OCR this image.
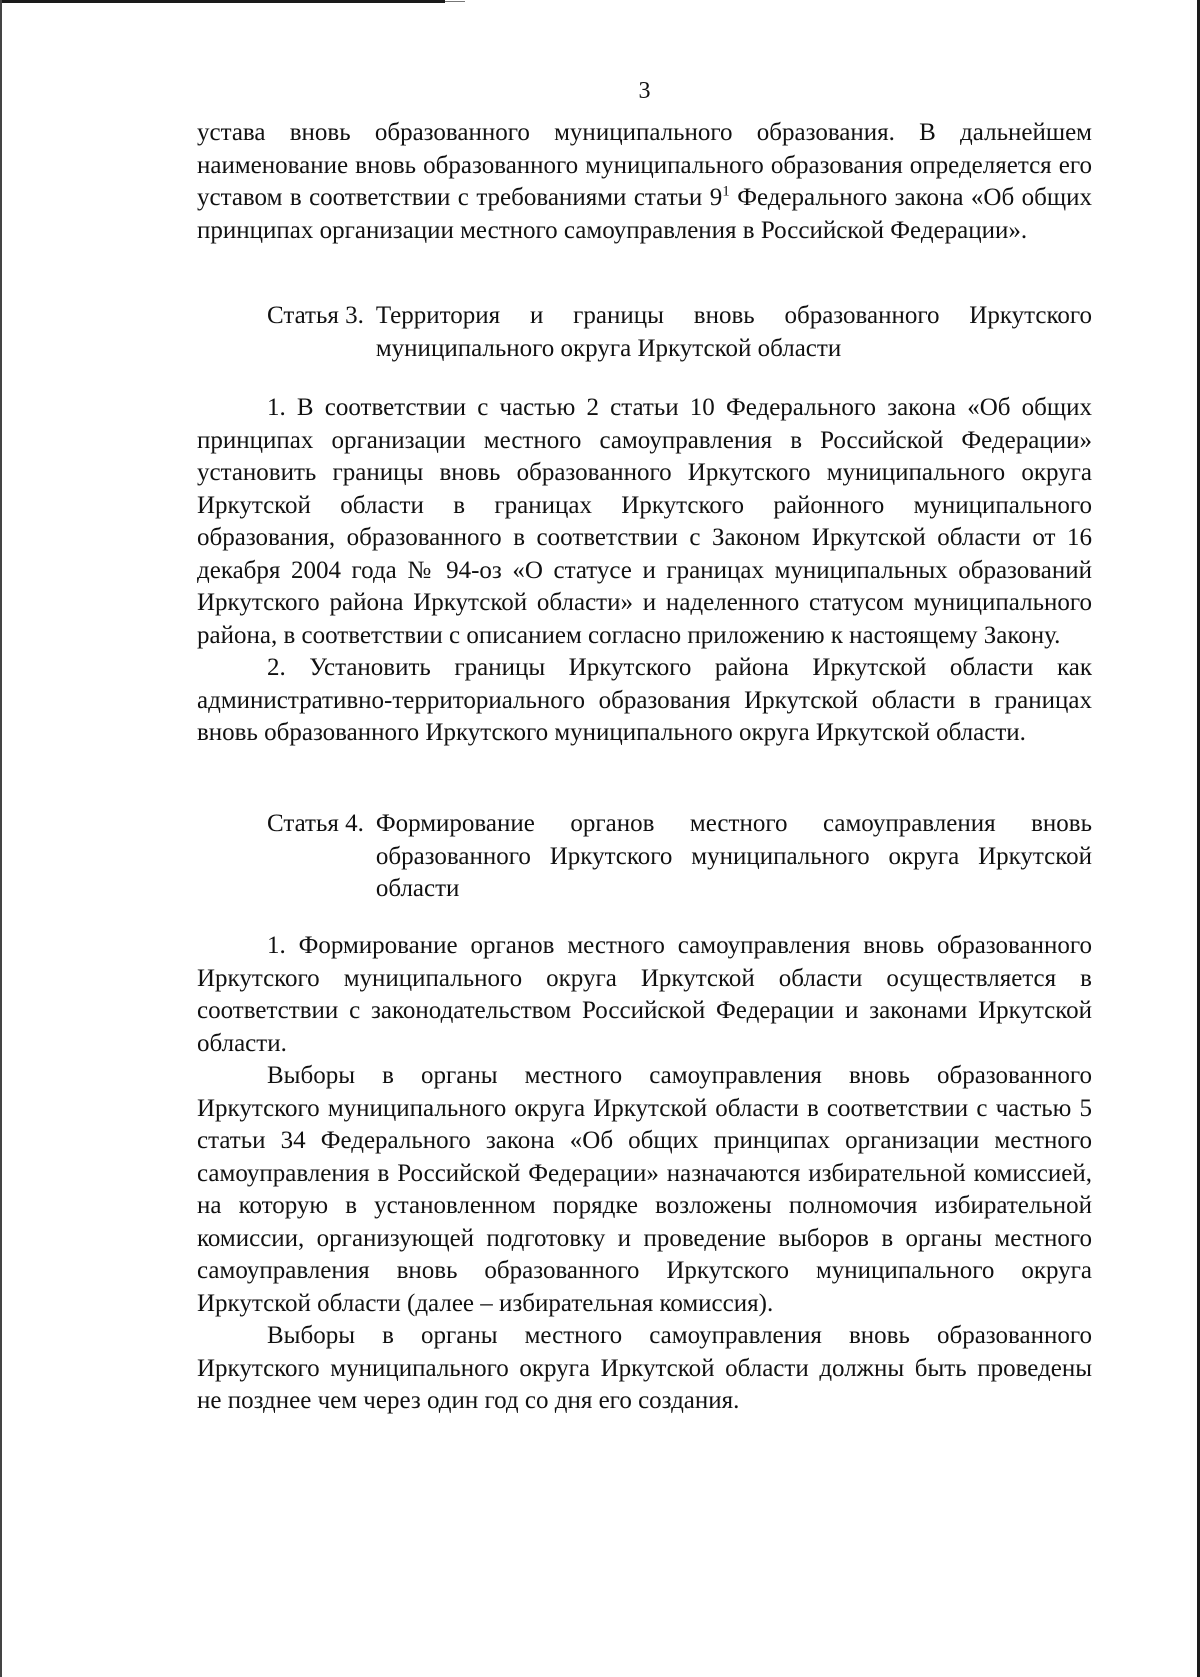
3

устава вновь образованного муниципального образования. В дальнейшем наименование вновь образованного муниципального образования определяется его уставом в соответствии с требованиями статьи $9^1$ Федерального закона «Об общих принципах организации местного самоуправления в Российской Федерации».

Статья 3. Территория и границы вновь образованного Иркутского муниципального округа Иркутской области

1. В соответствии с частью 2 статьи 10 Федерального закона «Об общих принципах организации местного самоуправления в Российской Федерации» установить границы вновь образованного Иркутского муниципального округа Иркутской области в границах Иркутского районного муниципального образования, образованного в соответствии с Законом Иркутской области от 16 декабря 2004 года № 94-оз «О статусе и границах муниципальных образований Иркутского района Иркутской области» и наделенного статусом муниципального района, в соответствии с описанием согласно приложению к настоящему Закону.

2. Установить границы Иркутского района Иркутской области как административно-территориального образования Иркутской области в границах вновь образованного Иркутского муниципального округа Иркутской области.

Статья 4. Формирование органов местного самоуправления вновь образованного Иркутского муниципального округа Иркутской области

1. Формирование органов местного самоуправления вновь образованного Иркутского муниципального округа Иркутской области осуществляется в соответствии с законодательством Российской Федерации и законами Иркутской области.

Выборы в органы местного самоуправления вновь образованного Иркутского муниципального округа Иркутской области в соответствии с частью 5 статьи 34 Федерального закона «Об общих принципах организации местного самоуправления в Российской Федерации» назначаются избирательной комиссией, на которую в установленном порядке возложены полномочия избирательной комиссии, организующей подготовку и проведение выборов в органы местного самоуправления вновь образованного Иркутского муниципального округа Иркутской области (далее – избирательная комиссия).

Выборы в органы местного самоуправления вновь образованного Иркутского муниципального округа Иркутской области должны быть проведены не позднее чем через один год со дня его создания.
